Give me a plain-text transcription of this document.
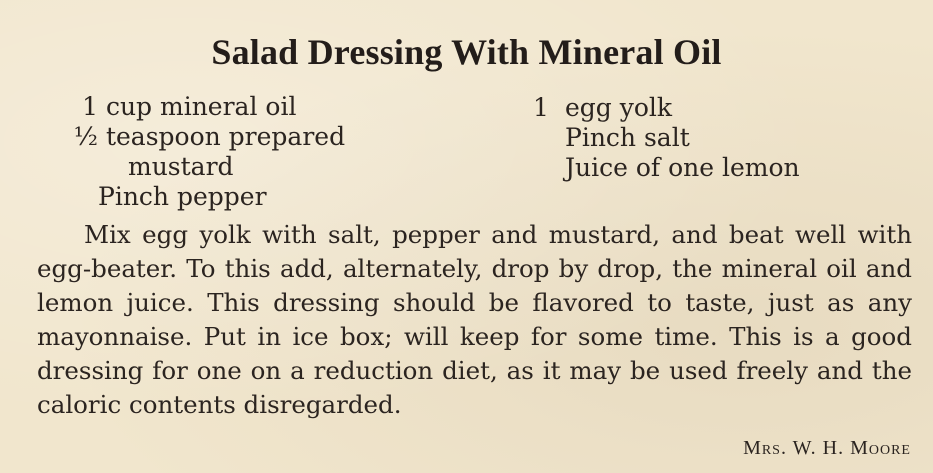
Salad Dressing With Mineral Oil
1 cup mineral oil
½ teaspoon prepared
mustard
Pinch pepper
1 egg yolk
Pinch salt
Juice of one lemon
Mix egg yolk with salt, pepper and mustard, and beat well with egg-beater. To this add, alternately, drop by drop, the mineral oil and lemon juice. This dressing should be flavored to taste, just as any mayonnaise. Put in ice box; will keep for some time. This is a good dressing for one on a reduction diet, as it may be used freely and the caloric contents disregarded.
Mrs. W. H. Moore
